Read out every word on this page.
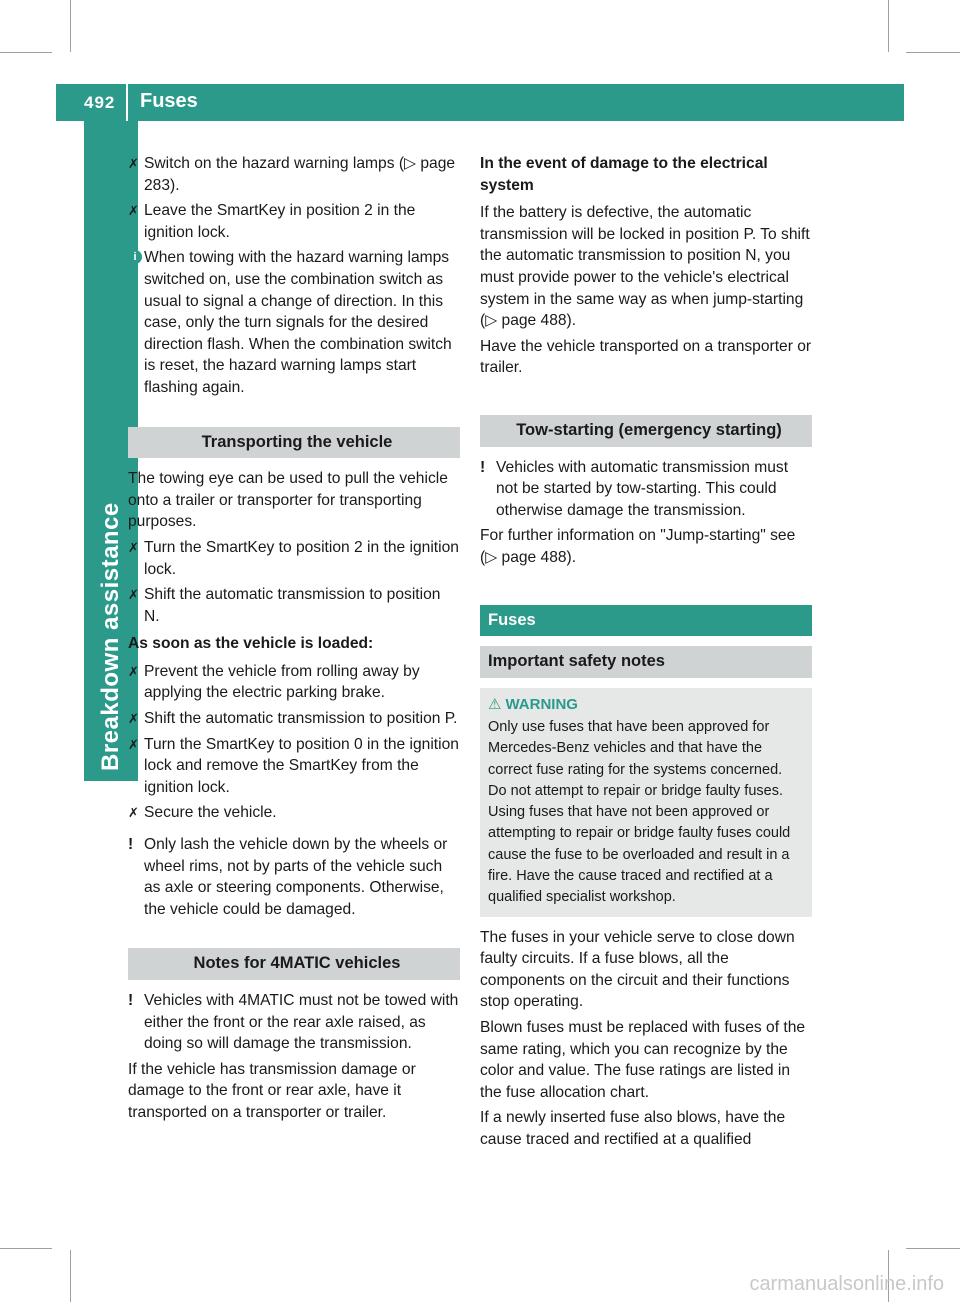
492 Fuses
Breakdown assistance
✗ Switch on the hazard warning lamps (▷ page 283).
✗ Leave the SmartKey in position 2 in the ignition lock.
i When towing with the hazard warning lamps switched on, use the combination switch as usual to signal a change of direction. In this case, only the turn signals for the desired direction flash. When the combination switch is reset, the hazard warning lamps start flashing again.
Transporting the vehicle

The towing eye can be used to pull the vehicle onto a trailer or transporter for transporting purposes.

✗ Turn the SmartKey to position 2 in the ignition lock.
✗ Shift the automatic transmission to position N.
As soon as the vehicle is loaded:
✗ Prevent the vehicle from rolling away by applying the electric parking brake.
✗ Shift the automatic transmission to position P.
✗ Turn the SmartKey to position 0 in the ignition lock and remove the SmartKey from the ignition lock.
✗ Secure the vehicle.
! Only lash the vehicle down by the wheels or wheel rims, not by parts of the vehicle such as axle or steering components. Otherwise, the vehicle could be damaged.
Notes for 4MATIC vehicles
! Vehicles with 4MATIC must not be towed with either the front or the rear axle raised, as doing so will damage the transmission.

If the vehicle has transmission damage or damage to the front or rear axle, have it transported on a transporter or trailer.

In the event of damage to the electrical system

If the battery is defective, the automatic transmission will be locked in position P. To shift the automatic transmission to position N, you must provide power to the vehicle's electrical system in the same way as when jump-starting (▷ page 488).

Have the vehicle transported on a transporter or trailer.

Tow-starting (emergency starting)
! Vehicles with automatic transmission must not be started by tow-starting. This could otherwise damage the transmission.

For further information on "Jump-starting" see (▷ page 488).

Fuses
Important safety notes
⚠ WARNING
Only use fuses that have been approved for Mercedes-Benz vehicles and that have the correct fuse rating for the systems concerned. Do not attempt to repair or bridge faulty fuses. Using fuses that have not been approved or attempting to repair or bridge faulty fuses could cause the fuse to be overloaded and result in a fire. Have the cause traced and rectified at a qualified specialist workshop.

The fuses in your vehicle serve to close down faulty circuits. If a fuse blows, all the components on the circuit and their functions stop operating.

Blown fuses must be replaced with fuses of the same rating, which you can recognize by the color and value. The fuse ratings are listed in the fuse allocation chart.

If a newly inserted fuse also blows, have the cause traced and rectified at a qualified

carmanualsonline.info
